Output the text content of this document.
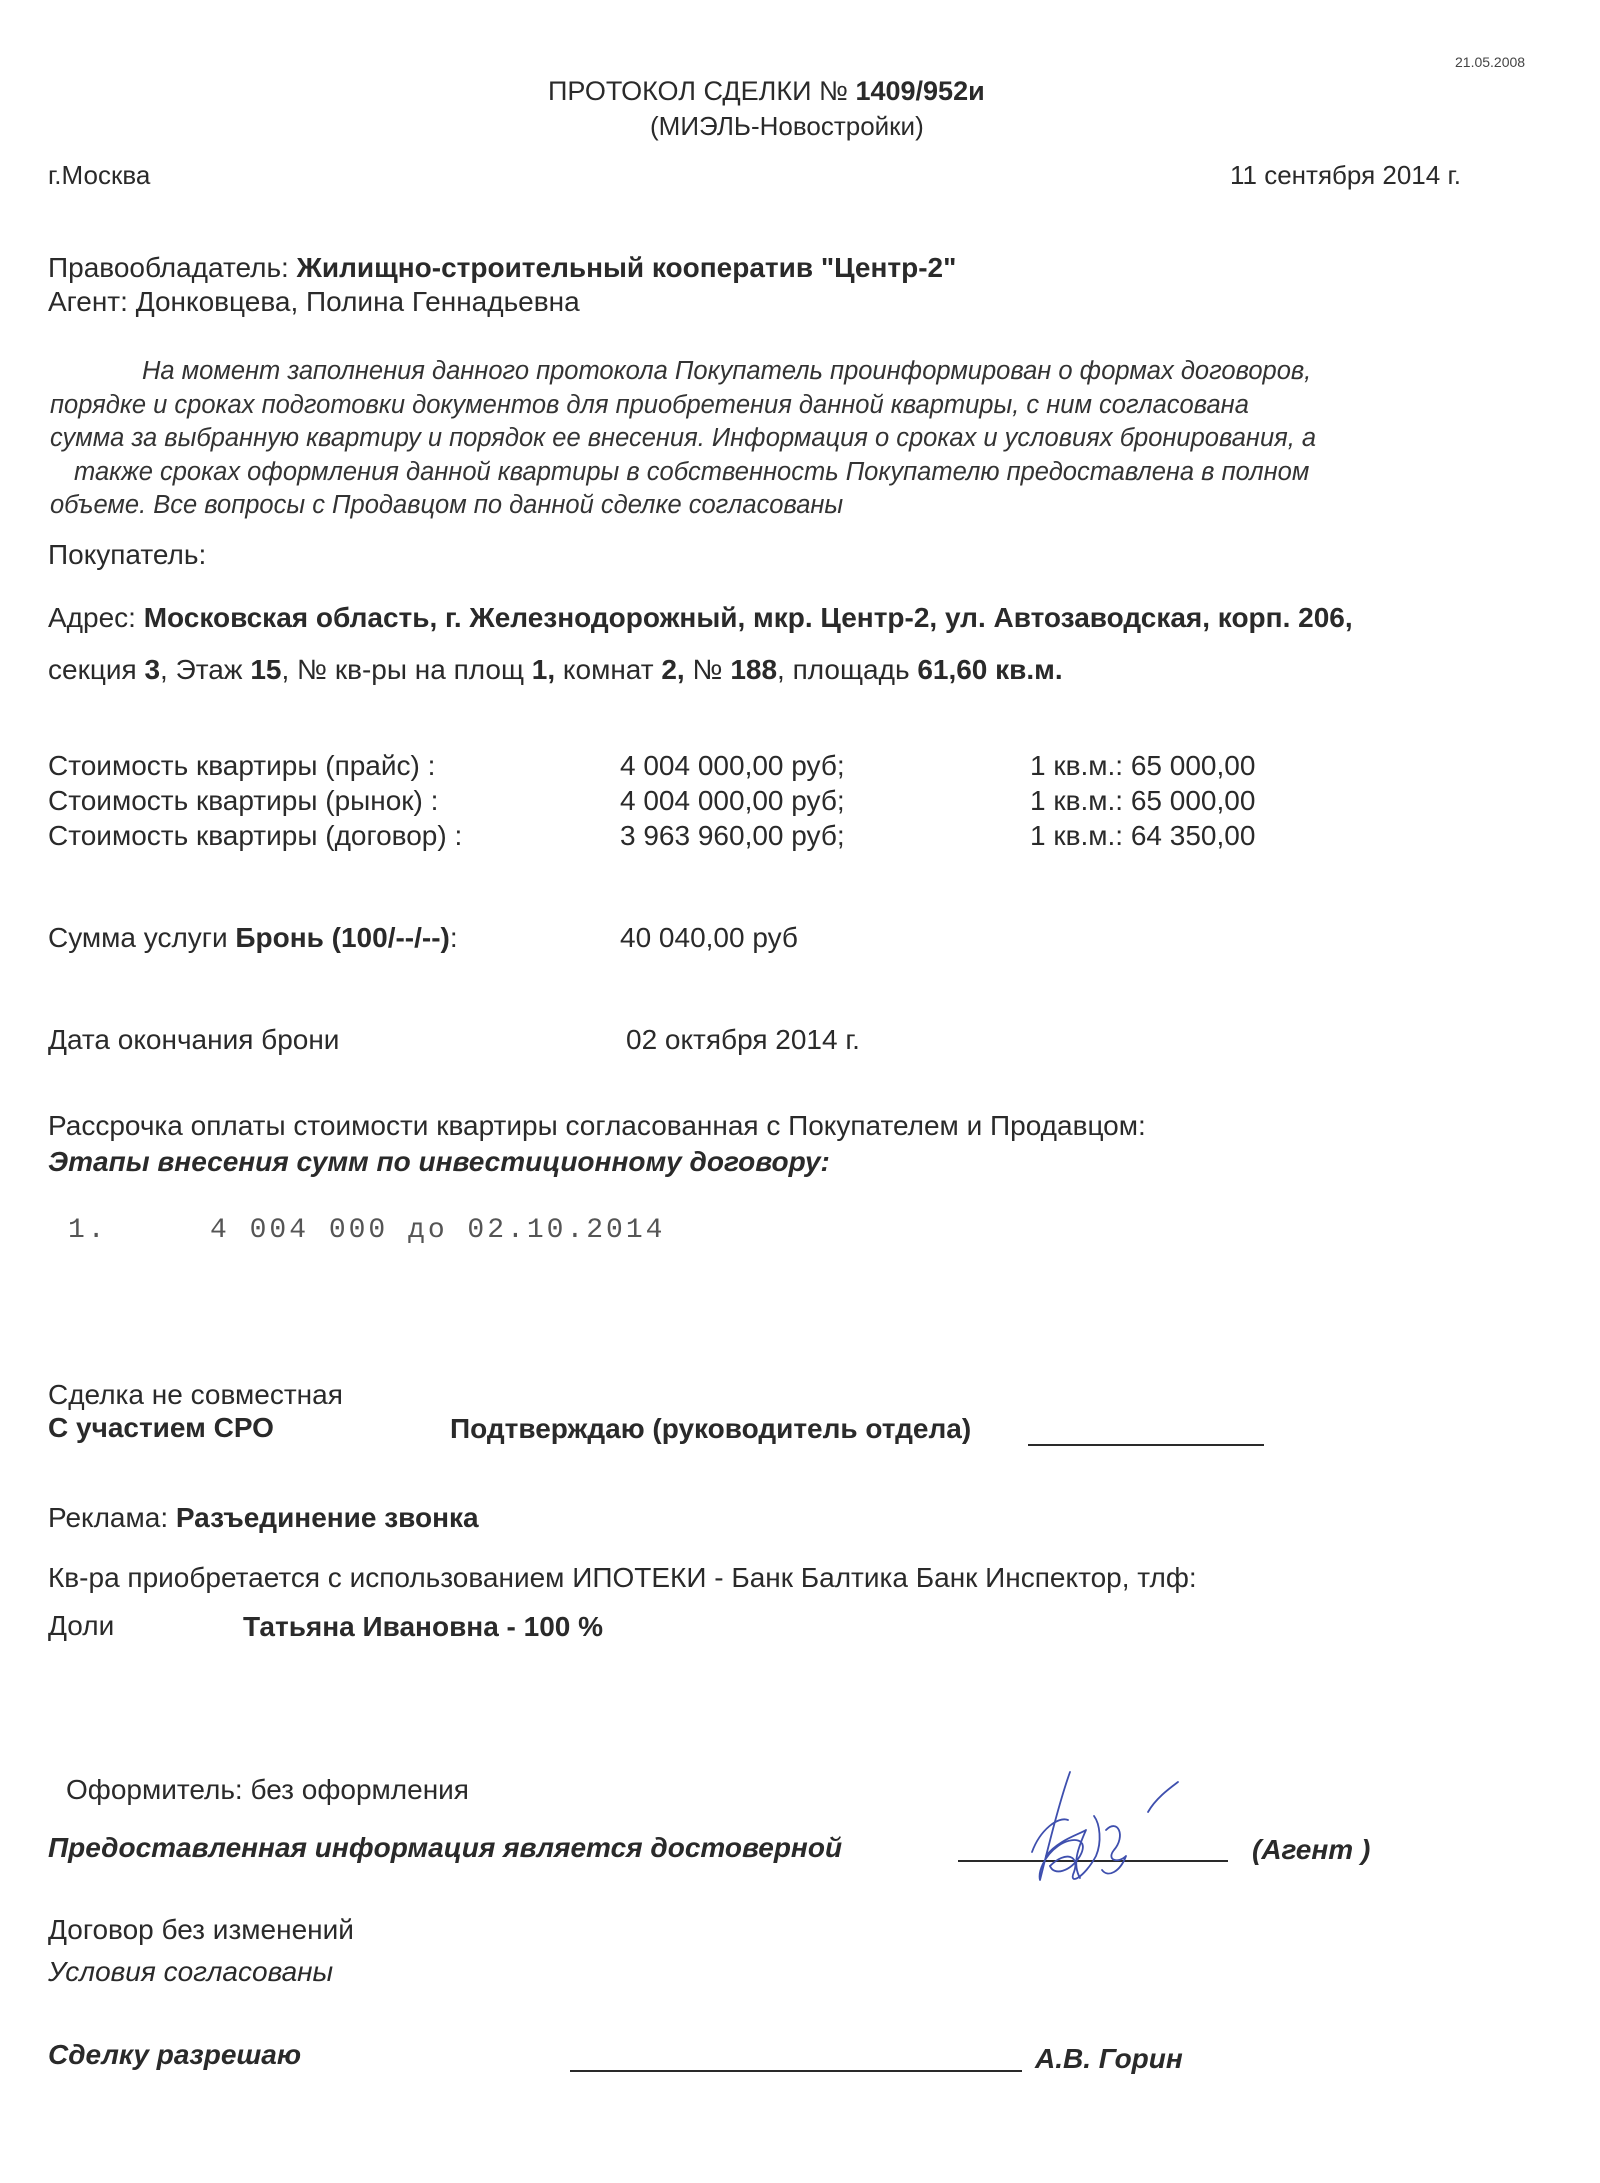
21.05.2008
ПРОТОКОЛ СДЕЛКИ № 1409/952и
(МИЭЛЬ-Новостройки)
г.Москва	11 сентября 2014 г.
Правообладатель: Жилищно-строительный кооператив "Центр-2"
Агент: Донковцева, Полина Геннадьевна
На момент заполнения данного протокола Покупатель проинформирован о формах договоров,
порядке и сроках подготовки документов для приобретения данной квартиры, с ним согласована
сумма за выбранную квартиру и порядок ее внесения. Информация о сроках и условиях бронирования, а
также сроках оформления данной квартиры в собственность Покупателю предоставлена в полном
объеме. Все вопросы с Продавцом по данной сделке согласованы
Покупатель:
Адрес: Московская область, г. Железнодорожный, мкр. Центр-2, ул. Автозаводская, корп. 206,
секция 3, Этаж 15, № кв-ры на площ 1, комнат 2, № 188, площадь 61,60 кв.м.
Стоимость квартиры (прайс) :	4 004 000,00 руб;	1 кв.м.: 65 000,00
Стоимость квартиры (рынок) :	4 004 000,00 руб;	1 кв.м.: 65 000,00
Стоимость квартиры (договор) :	3 963 960,00 руб;	1 кв.м.: 64 350,00
Сумма услуги Бронь (100/--/--):	40 040,00 руб
Дата окончания брони	02 октября 2014 г.
Рассрочка оплаты стоимости квартиры согласованная с Покупателем и Продавцом:
Этапы внесения сумм по инвестиционному договору:
1.	4 004 000 до 02.10.2014
Сделка не совместная
С участием СРО	Подтверждаю (руководитель отдела)
Реклама: Разъединение звонка
Кв-ра приобретается с использованием ИПОТЕКИ - Банк Балтика Банк Инспектор, тлф:
Доли	Татьяна Ивановна - 100 %
Оформитель: без оформления
Предоставленная информация является достоверной	(Агент )
Договор без изменений
Условия согласованы
Сделку разрешаю	А.В. Горин
